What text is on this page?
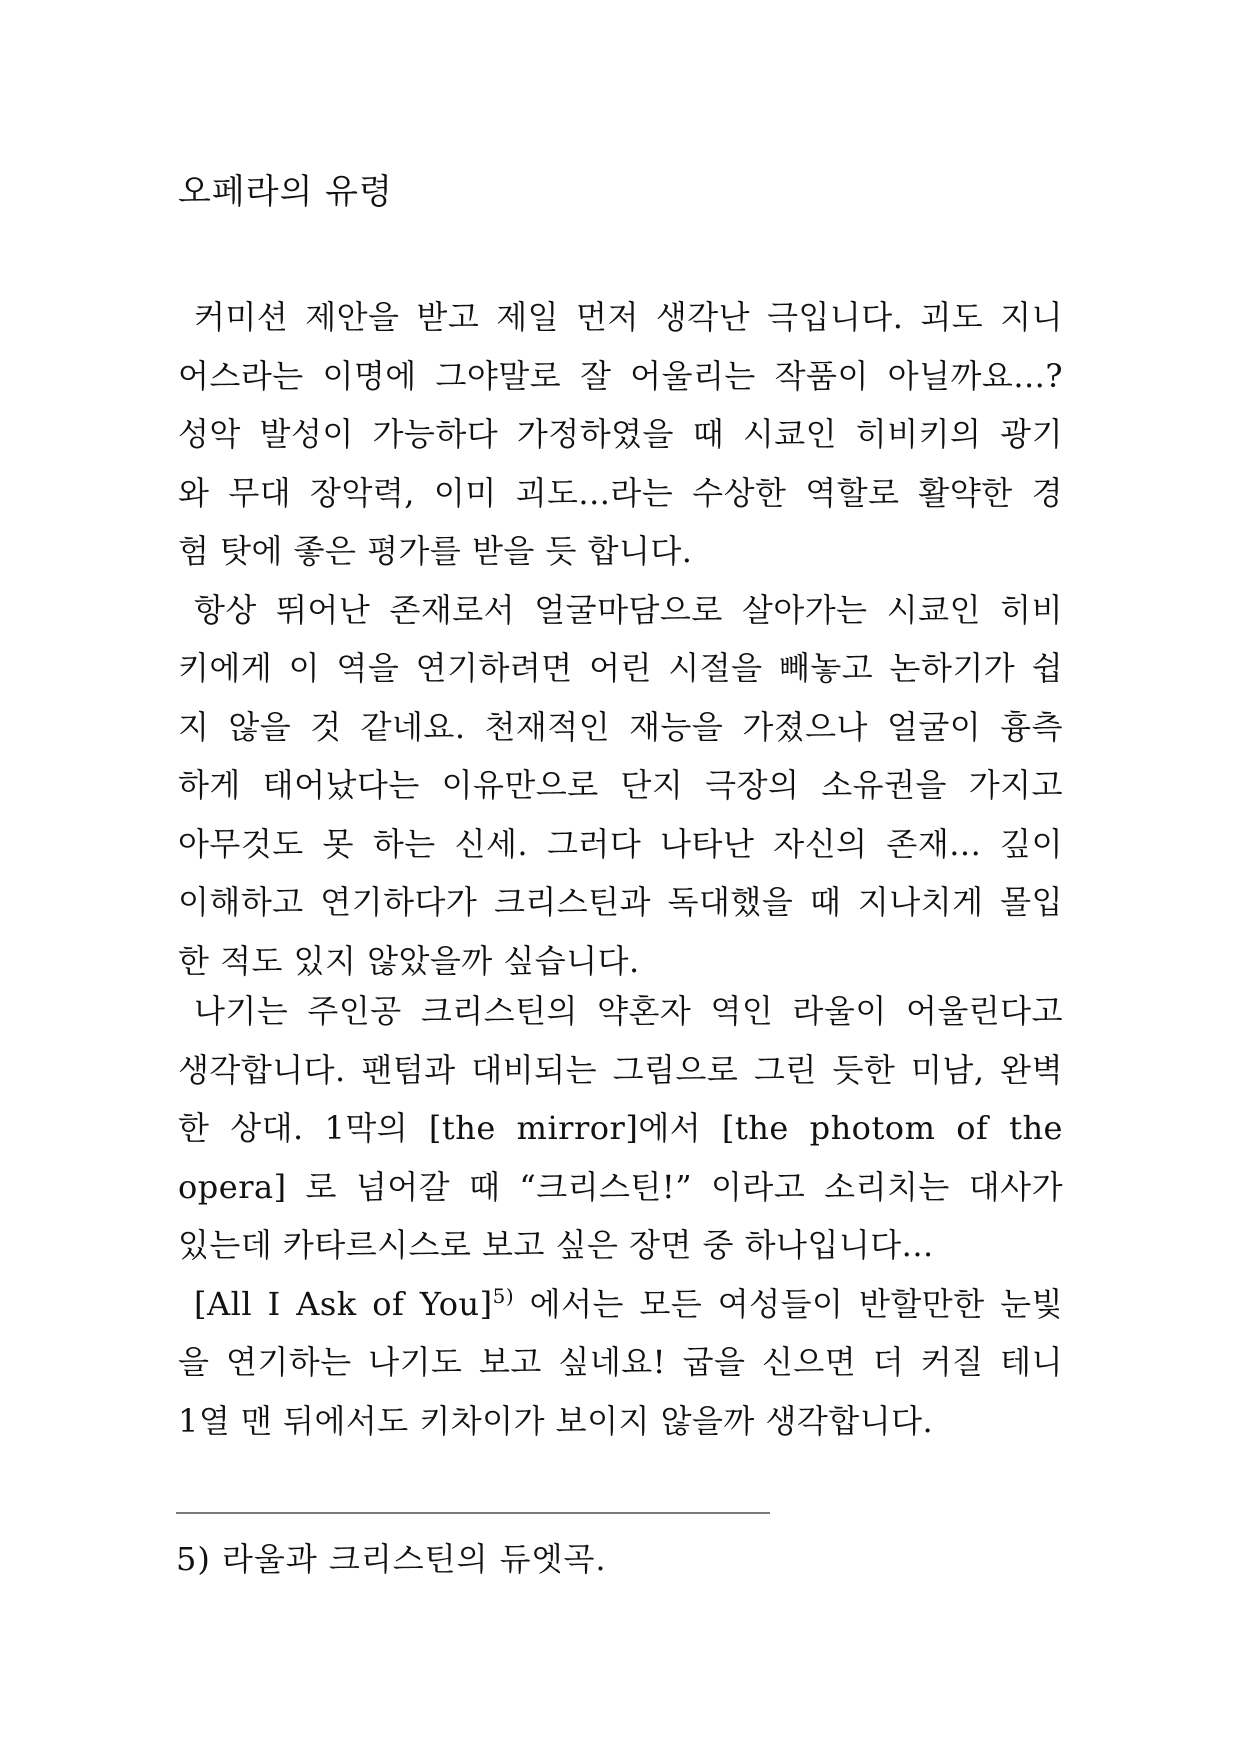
오페라의 유령
커미션 제안을 받고 제일 먼저 생각난 극입니다. 괴도 지니
어스라는 이명에 그야말로 잘 어울리는 작품이 아닐까요...?
성악 발성이 가능하다 가정하였을 때 시쿄인 히비키의 광기
와 무대 장악력, 이미 괴도...라는 수상한 역할로 활약한 경
험 탓에 좋은 평가를 받을 듯 합니다.
항상 뛰어난 존재로서 얼굴마담으로 살아가는 시쿄인 히비
키에게 이 역을 연기하려면 어린 시절을 빼놓고 논하기가 쉽
지 않을 것 같네요. 천재적인 재능을 가졌으나 얼굴이 흉측
하게 태어났다는 이유만으로 단지 극장의 소유권을 가지고
아무것도 못 하는 신세. 그러다 나타난 자신의 존재... 깊이
이해하고 연기하다가 크리스틴과 독대했을 때 지나치게 몰입
한 적도 있지 않았을까 싶습니다.
나기는 주인공 크리스틴의 약혼자 역인 라울이 어울린다고
생각합니다. 팬텀과 대비되는 그림으로 그린 듯한 미남, 완벽
한 상대. 1막의 [the mirror]에서 [the photom of the
opera] 로 넘어갈 때 “크리스틴!” 이라고 소리치는 대사가
있는데 카타르시스로 보고 싶은 장면 중 하나입니다...
[All I Ask of You]$^{5)}$ 에서는 모든 여성들이 반할만한 눈빛
을 연기하는 나기도 보고 싶네요! 굽을 신으면 더 커질 테니
1열 맨 뒤에서도 키차이가 보이지 않을까 생각합니다.
5) 라울과 크리스틴의 듀엣곡.
